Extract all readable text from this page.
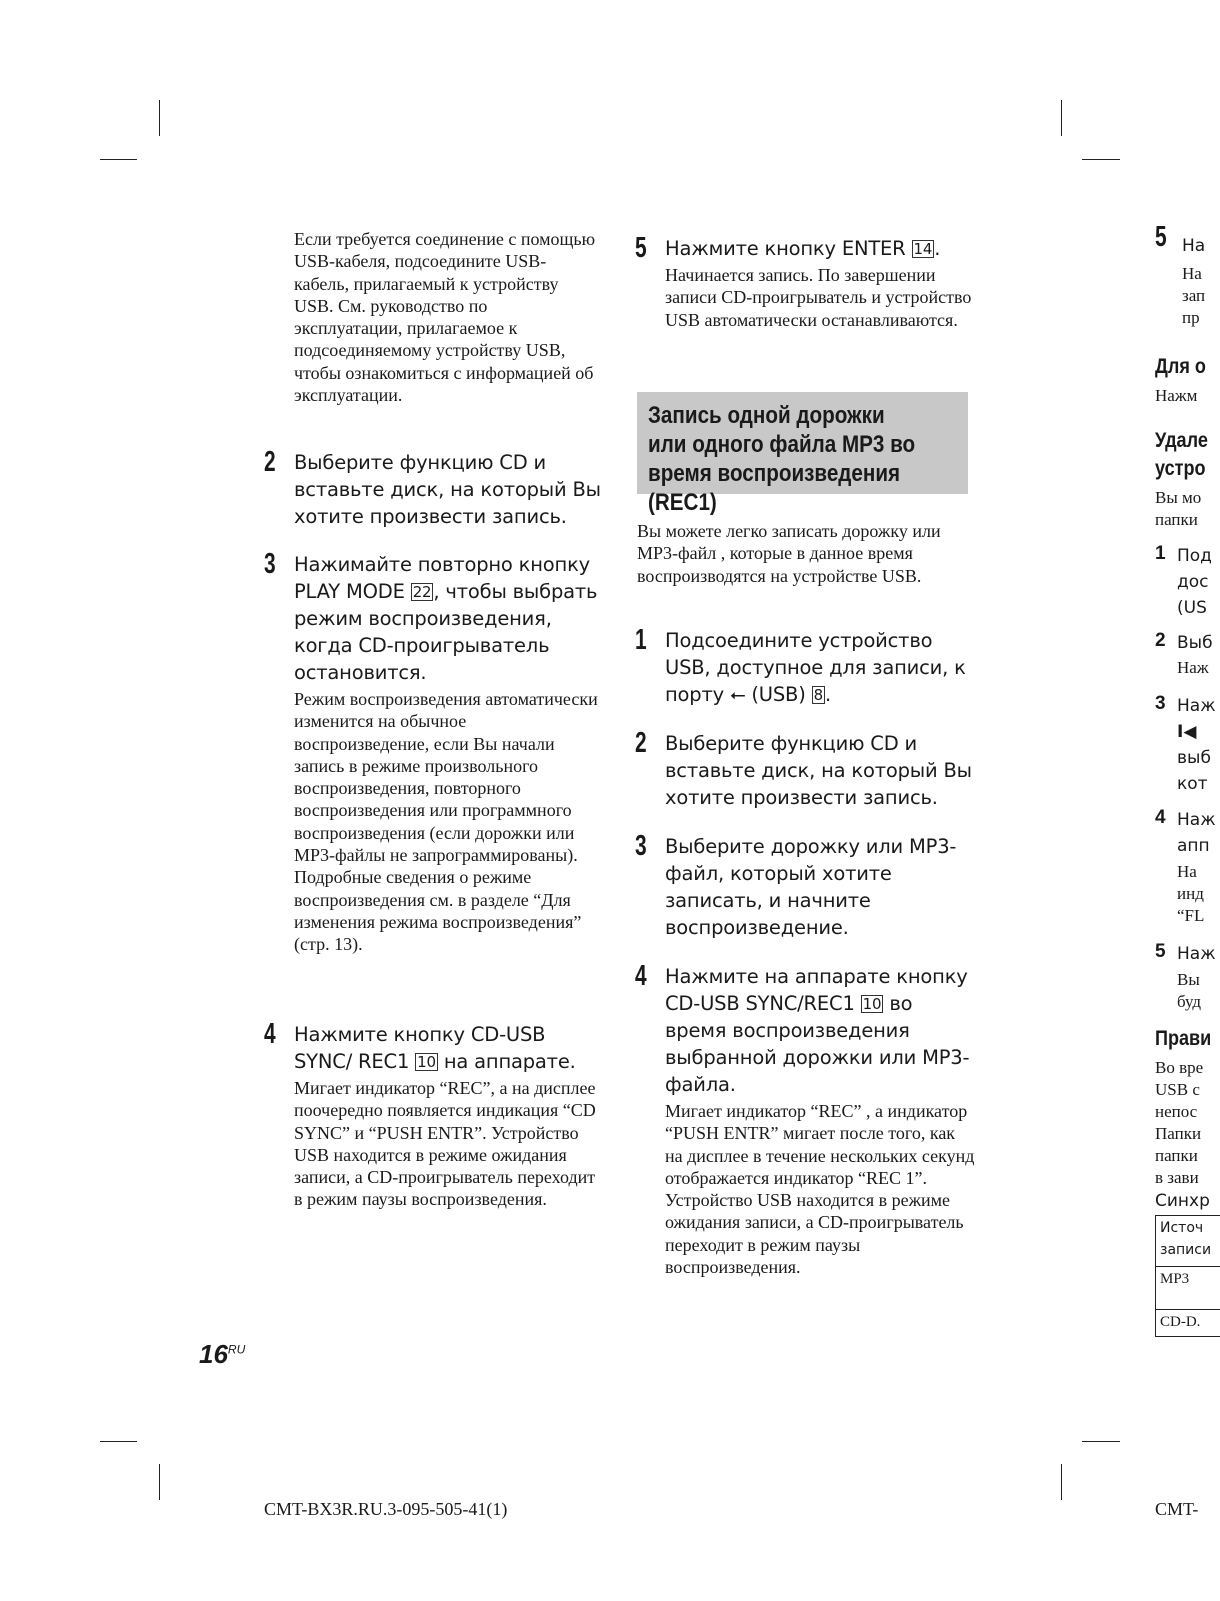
Если требуется соединение с помощью USB-кабеля, подсоедините USB-кабель, прилагаемый к устройству USB. См. руководство по эксплуатации, прилагаемое к подсоединяемому устройству USB, чтобы ознакомиться с информацией об эксплуатации.
2 Выберите функцию CD и вставьте диск, на который Вы хотите произвести запись.
3 Нажимайте повторно кнопку PLAY MODE 22 , чтобы выбрать режим воспроизведения, когда CD-проигрыватель остановится.
Режим воспроизведения автоматически изменится на обычное воспроизведение, если Вы начали запись в режиме произвольного воспроизведения, повторного воспроизведения или программного воспроизведения (если дорожки или MP3-файлы не запрограммированы). Подробные сведения о режиме воспроизведения см. в разделе “Для изменения режима воспроизведения” (стр. 13).
4 Нажмите кнопку CD-USB SYNC/ REC1 10 на аппарате.
Мигает индикатор “REC”, а на дисплее поочередно появляется индикация “CD SYNC” и “PUSH ENTR”. Устройство USB находится в режиме ожидания записи, а CD-проигрыватель переходит в режим паузы воспроизведения.
5 Нажмите кнопку ENTER 14 .
Начинается запись. По завершении записи CD-проигрыватель и устройство USB автоматически останавливаются.
Запись одной дорожки или одного файла MP3 во время воспроизведения (REC1)
Вы можете легко записать дорожку или MP3-файл , которые в данное время воспроизводятся на устройстве USB.
1 Подсоедините устройство USB, доступное для записи, к порту ⭠ (USB) 8 .
2 Выберите функцию CD и вставьте диск, на который Вы хотите произвести запись.
3 Выберите дорожку или MP3-файл, который хотите записать, и начните воспроизведение.
4 Нажмите на аппарате кнопку CD-USB SYNC/REC1 10 во время воспроизведения выбранной дорожки или MP3-файла.
Мигает индикатор “REC” , а индикатор “PUSH ENTR” мигает после того, как на дисплее в течение нескольких секунд отображается индикатор “REC 1”. Устройство USB находится в режиме ожидания записи, а CD-проигрыватель переходит в режим паузы воспроизведения.
5 На
На
зап
пр
Для о
Нажм
Удале
устро
Вы мо
папки
1 Под
дос
(US
2 Выб
Наж
3 Наж
I◀
выб
кот
4 Наж
апп
На
инд
“FL
5 Наж
Вы
буд
Прави
Во вре
USB с
непос
Папки
папки
в зави
Синхр
Источ
записи
MP3
CD-D.
$16^{RU}$
CMT-BX3R.RU.3-095-505-41(1)	CMT-
